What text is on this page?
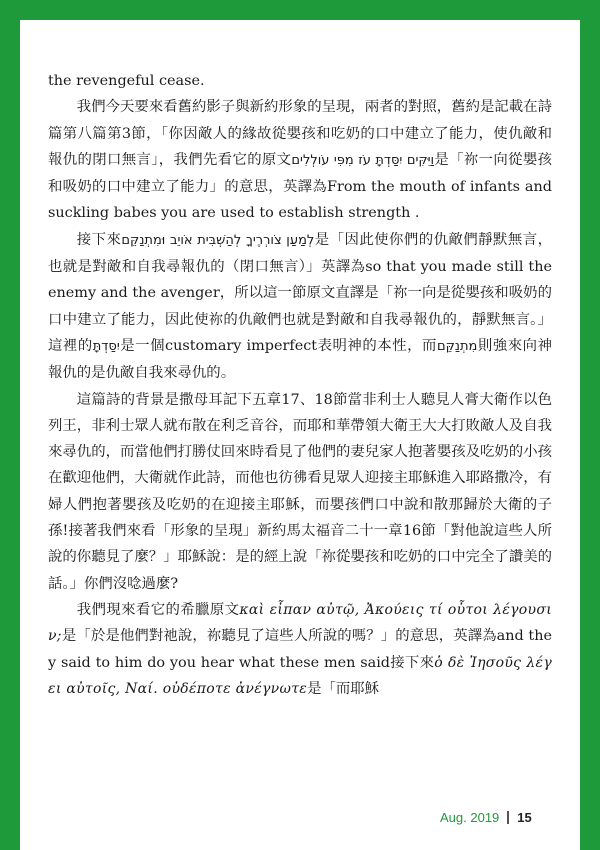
the revengeful cease.

我們今天要來看舊約影子與新約形象的呈現，兩者的對照，舊約是記載在詩篇第八篇第3節，「你因敵人的緣故從嬰孩和吃奶的口中建立了能力，使仇敵和報仇的閉口無言」，我們先看它的原文וַיִּקִּים יִסַּדְתָּ עֹז מִפִּי עֹולְלִים是「祢一向從嬰孩和吸奶的口中建立了能力」的意思，英譯為From the mouth of infants and suckling babes you are used to establish strength .

接下來לְמַעַן צֹורְרֶיךָ לְהַשְׁבִּית אֹויֵב וּמִתְנַקֵּם是「因此使你們的仇敵們靜默無言，也就是對敵和自我尋報仇的（閉口無言）」英譯為so that you made still the enemy and the avenger，所以這一節原文直譯是「祢一向是從嬰孩和吸奶的口中建立了能力，因此使祢的仇敵們也就是對敵和自我尋報仇的，靜默無言。」這裡的יִסַּדְתָּ是一個customary imperfect表明神的本性，而מִתְנַקֵּם則強來向神報仇的是仇敵自我來尋仇的。

這篇詩的背景是撒母耳記下五章17、18節當非利士人聽見人膏大衛作以色列王，非利士眾人就布散在利乏音谷，而耶和華帶領大衛王大大打敗敵人及自我來尋仇的，而當他們打勝仗回來時看見了他們的妻兒家人抱著嬰孩及吃奶的小孩在歡迎他們，大衛就作此詩，而他也彷彿看見眾人迎接主耶穌進入耶路撒冷，有婦人們抱著嬰孩及吃奶的在迎接主耶穌，而嬰孩們口中說和散那歸於大衛的子孫!接著我們來看「形象的呈現」新約馬太福音二十一章16節「對他說這些人所說的你聽見了麼？」耶穌說：是的經上說「祢從嬰孩和吃奶的口中完全了讚美的話。」你們沒唸過麼?

我們現來看它的希臘原文καὶ εἶπαν αὐτῷ, Ἀκούεις τί οὗτοι λέγουσιν;是「於是他們對祂說，祢聽見了這些人所說的嗎？」的意思，英譯為and they said to him do you hear what these men said接下來ὁ δὲ Ἰησοῦς λέγει αὐτοῖς, Ναί. οὐδέποτε ἀνέγνωτε是「而耶穌

Aug. 2019 15
